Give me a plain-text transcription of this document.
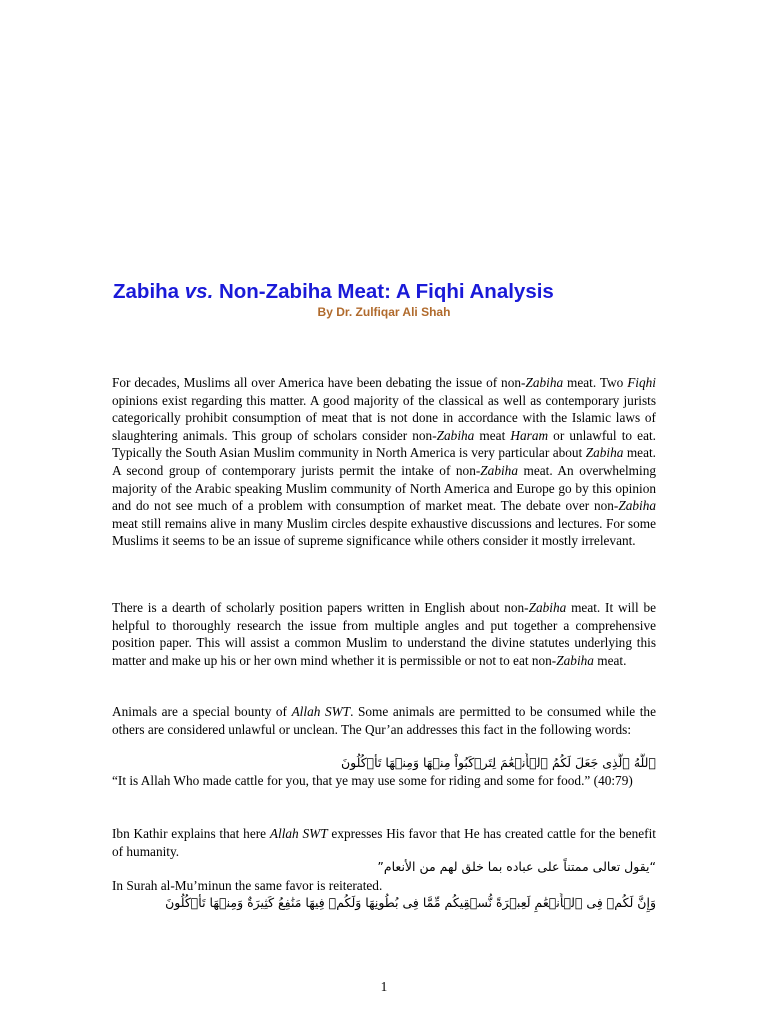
Zabiha vs. Non-Zabiha Meat: A Fiqhi Analysis
By Dr. Zulfiqar Ali Shah

For decades, Muslims all over America have been debating the issue of non-Zabiha meat. Two Fiqhi opinions exist regarding this matter. A good majority of the classical as well as contemporary jurists categorically prohibit consumption of meat that is not done in accordance with the Islamic laws of slaughtering animals. This group of scholars consider non-Zabiha meat Haram or unlawful to eat. Typically the South Asian Muslim community in North America is very particular about Zabiha meat. A second group of contemporary jurists permit the intake of non-Zabiha meat. An overwhelming majority of the Arabic speaking Muslim community of North America and Europe go by this opinion and do not see much of a problem with consumption of market meat. The debate over non-Zabiha meat still remains alive in many Muslim circles despite exhaustive discussions and lectures. For some Muslims it seems to be an issue of supreme significance while others consider it mostly irrelevant.

There is a dearth of scholarly position papers written in English about non-Zabiha meat. It will be helpful to thoroughly research the issue from multiple angles and put together a comprehensive position paper. This will assist a common Muslim to understand the divine statutes underlying this matter and make up his or her own mind whether it is permissible or not to eat non-Zabiha meat.

Animals are a special bounty of Allah SWT. Some animals are permitted to be consumed while the others are considered unlawful or unclean. The Qur’an addresses this fact in the following words:

ٱللَّهُ ٱلَّذِى جَعَلَ لَكُمُ ٱلۡأَنۡعَٰمَ لِتَرۡكَبُواْ مِنۡهَا وَمِنۡهَا تَأۡكُلُونَ

“It is Allah Who made cattle for you, that ye may use some for riding and some for food.” (40:79)

Ibn Kathir explains that here Allah SWT expresses His favor that He has created cattle for the benefit of humanity.

“يقول تعالى ممتناً على عباده بما خلق لهم من الأنعام”

In Surah al-Mu’minun the same favor is reiterated.

وَإِنَّ لَكُمۡ فِى ٱلۡأَنۡعَٰمِ لَعِبۡرَةً نُّسۡقِيكُم مِّمَّا فِى بُطُونِهَا وَلَكُمۡ فِيهَا مَنَٰفِعُ كَثِيرَةٌ وَمِنۡهَا تَأۡكُلُونَ

1
